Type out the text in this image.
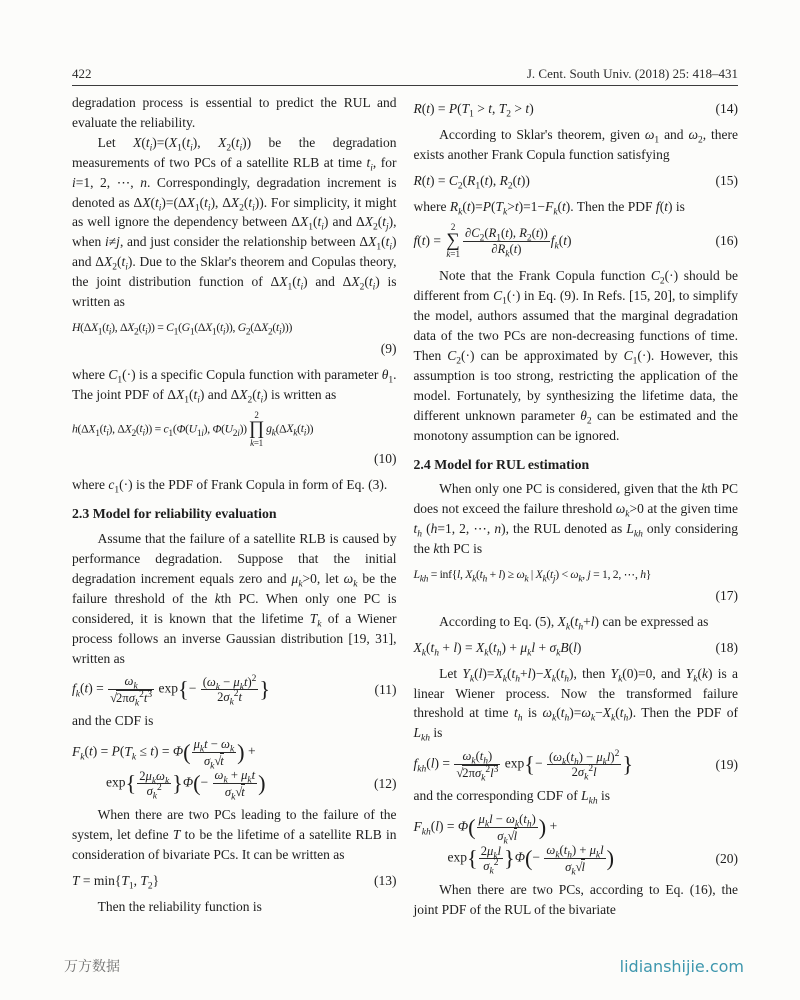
422	J. Cent. South Univ. (2018) 25: 418–431

degradation process is essential to predict the RUL and evaluate the reliability.

Let $X(t_i)=(X_1(t_i)$, $X_2(t_i)$) be the degradation measurements of two PCs of a satellite RLB at time $t_i$, for i=1, 2, ⋯, n. Correspondingly, degradation increment is denoted as $\Delta X(t_i)=(\Delta X_1(t_i)$, $\Delta X_2(t_i)$). For simplicity, it might as well ignore the dependency between $\Delta X_1(t_i)$ and $\Delta X_2(t_j)$, when i≠j, and just consider the relationship between $\Delta X_1(t_i)$ and $\Delta X_2(t_i)$. Due to the Sklar's theorem and Copulas theory, the joint distribution function of $\Delta X_1(t_i)$ and $\Delta X_2(t_i)$ is written as

$H(\Delta X_1(t_i)$, $\Delta X_2(t_i)) = C_1(G_1(\Delta X_1(t_i))$, $G_2(\Delta X_2(t_i))$)
(9)

where $C_1(\cdot)$ is a specific Copula function with parameter $\theta_1$. The joint PDF of $\Delta X_1(t_i)$ and $\Delta X_2(t_i)$ is written as

$h(\Delta X_1(t_i)$, $\Delta X_2(t_i)) = c_1(\Phi(U_{1i})$, $\Phi(U_{2i})$)
2
∏
k=1
$g_k(\Delta X_k(t_i))$
(10)

where $c_1(\cdot)$ is the PDF of Frank Copula in form of Eq. (3).

2.3 Model for reliability evaluation

Assume that the failure of a satellite RLB is caused by performance degradation. Suppose that the initial degradation increment equals zero and $\mu_k>0$, let $\omega_k$ be the failure threshold of the kth PC. When only one PC is considered, it is known that the lifetime $T_k$ of a Wiener process follows an inverse Gaussian distribution [19, 31], written as

$f_k(t) = \frac{\omega_k}{√2\pi\sigma_k^2t^3} \exp\{- \frac{(\omega_k - \mu_kt)^2}{2\sigma_k^2t}$ }	(11)

and the CDF is

$F_k(t) = P(T_k \le t) = \Phi( \frac{\mu_kt - \omega_k}{\sigma_k√t}$ ) +
$\exp\{ \frac{2\mu_k\omega_k}{\sigma_k^2} \}\Phi(- \frac{\omega_k + \mu_kt}{\sigma_k√t}$ )	(12)

When there are two PCs leading to the failure of the system, let define T to be the lifetime of a satellite RLB in consideration of bivariate PCs. It can be written as

$T = \min\{T_1$, $T_2$}	(13)

Then the reliability function is

$R(t) = P(T_1 > t$, $T_2 > t$)	(14)

According to Sklar's theorem, given $\omega_1$ and $\omega_2$, there exists another Frank Copula function satisfying

$R(t) = C_2(R_1(t)$, $R_2(t)$)	(15)

where $R_k(t)=P(T_k>t)=1-F_k(t)$. Then the PDF f(t) is

f(t) =
2
∑
$k=1 \frac{\partial C_2(R_1(t), R_2(t))}{\partial R_k(t)} f_k(t)$	(16)

Note that the Frank Copula function $C_2(\cdot)$ should be different from $C_1(\cdot)$ in Eq. (9). In Refs. [15, 20], to simplify the model, authors assumed that the marginal degradation data of the two PCs are non-decreasing functions of time. Then $C_2(\cdot)$ can be approximated by $C_1(\cdot)$. However, this assumption is too strong, restricting the application of the model. Fortunately, by synthesizing the lifetime data, the different unknown parameter $\theta_2$ can be estimated and the monotony assumption can be ignored.

2.4 Model for RUL estimation

When only one PC is considered, given that the kth PC does not exceed the failure threshold $\omega_k>0$ at the given time $t_h$ (h=1, 2, ⋯, n), the RUL denoted as $L_{kh}$ only considering the kth PC is

$L_{kh} = inf\{l$, $X_k(t_h + l) \ge \omega_k$ | $X_k(t_j) < \omega_k$, j = 1, 2, ⋯, h}
(17)

According to Eq. (5), $X_k(t_h+l)$ can be expressed as

$X_k(t_h + l) = X_k(t_h) + \mu_kl + \sigma_kB(l)$	(18)

Let $Y_k(l)=X_k(t_h+l)-X_k(t_h)$, then $Y_k(0)=0$, and $Y_k(k)$ is a linear Wiener process. Now the transformed failure threshold at time $t_h$ is $\omega_k(t_h)=\omega_k-X_k(t_h)$. Then the PDF of $L_{kh}$ is

$f_{kh}(l) = \frac{\omega_k(t_h)}{√2\pi\sigma_k^2l^3} \exp\{- \frac{(\omega_k(t_h) - \mu_kl)^2}{2\sigma_k^2l}$ }	(19)

and the corresponding CDF of $L_{kh}$ is

$F_{kh}(l) = \Phi( \frac{\mu_kl - \omega_k(t_h)}{\sigma_k√l}$ ) +
$\exp\{ \frac{2\mu_kl}{\sigma_k^2} \}\Phi(- \frac{\omega_k(t_h) + \mu_kl}{\sigma_k√l}$ )	(20)

When there are two PCs, according to Eq. (16), the joint PDF of the RUL of the bivariate

万方数据	lidianshijie.com
